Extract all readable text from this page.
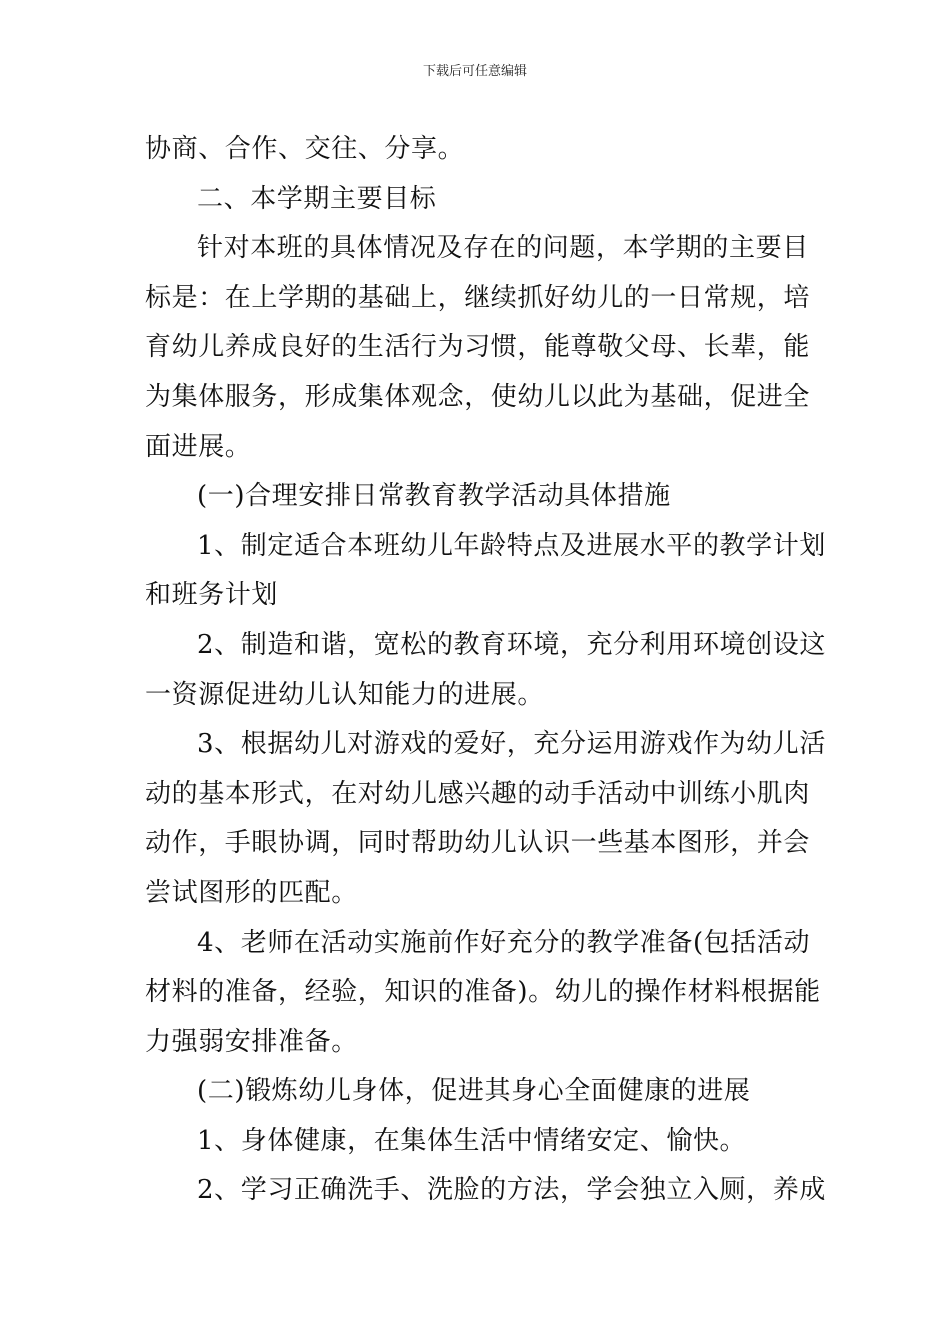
下载后可任意编辑
协商、合作、交往、分享。
二、本学期主要目标
针对本班的具体情况及存在的问题，本学期的主要目
标是：在上学期的基础上，继续抓好幼儿的一日常规，培
育幼儿养成良好的生活行为习惯，能尊敬父母、长辈，能
为集体服务，形成集体观念，使幼儿以此为基础，促进全
面进展。
(一)合理安排日常教育教学活动具体措施
1、制定适合本班幼儿年龄特点及进展水平的教学计划
和班务计划
2、制造和谐，宽松的教育环境，充分利用环境创设这
一资源促进幼儿认知能力的进展。
3、根据幼儿对游戏的爱好，充分运用游戏作为幼儿活
动的基本形式，在对幼儿感兴趣的动手活动中训练小肌肉
动作，手眼协调，同时帮助幼儿认识一些基本图形，并会
尝试图形的匹配。
4、老师在活动实施前作好充分的教学准备(包括活动
材料的准备，经验，知识的准备)。幼儿的操作材料根据能
力强弱安排准备。
(二)锻炼幼儿身体，促进其身心全面健康的进展
1、身体健康，在集体生活中情绪安定、愉快。
2、学习正确洗手、洗脸的方法，学会独立入厕，养成
